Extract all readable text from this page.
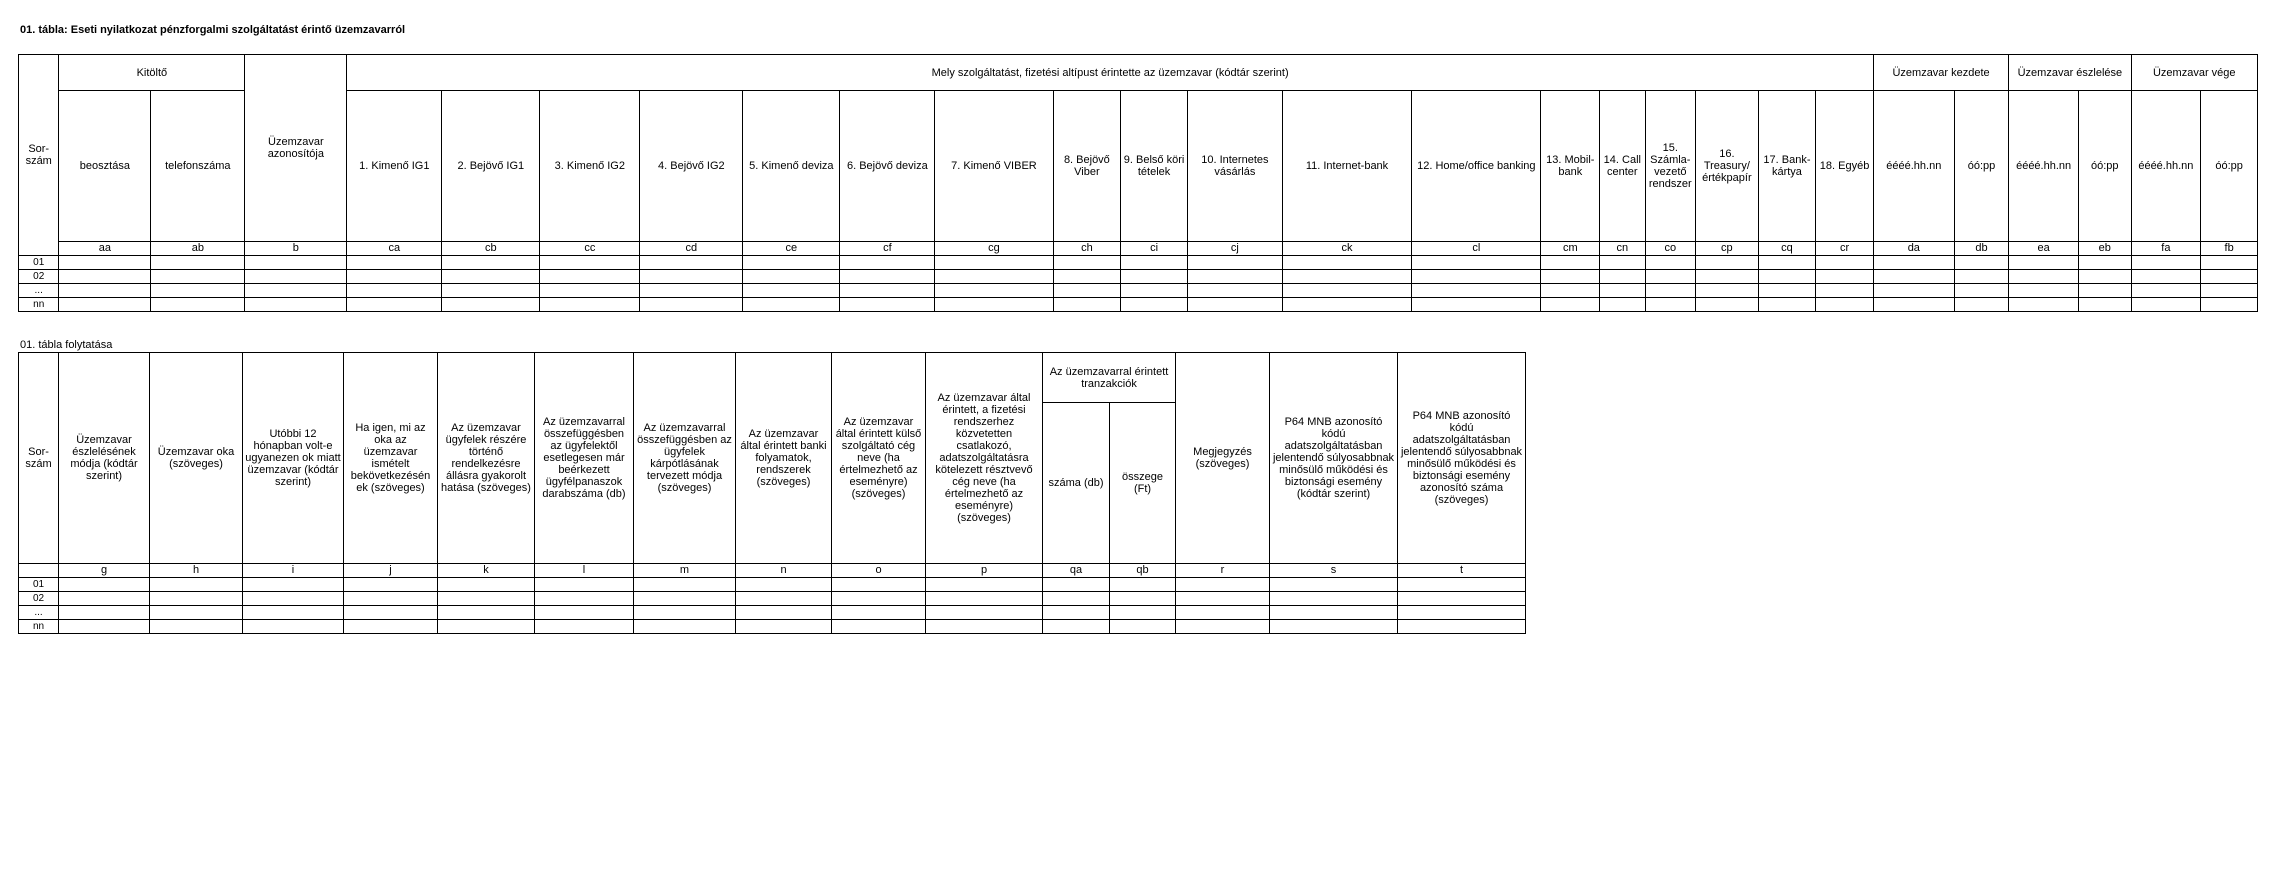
01. tábla: Eseti nyilatkozat pénzforgalmi szolgáltatást érintő üzemzavarról
Sor-
szám	Kitöltő		Üzemzavar azonosítója	Mely szolgáltatást, fizetési altípust érintette az üzemzavar (kódtár szerint)																		Üzemzavar kezdete		Üzemzavar észlelése		Üzemzavar vége	
	beosztása	telefonszáma		1. Kimenő IG1	2. Bejövő IG1	3. Kimenő IG2	4. Bejövő IG2	5. Kimenő deviza	6. Bejövő deviza	7. Kimenő VIBER	8. Bejövő Viber	9. Belső köri tételek	10. Internetes vásárlás	11. Internet-bank	12. Home/office banking	13. Mobil-bank	14. Call center	15. Számla-vezető rendszer	16. Treasury/ értékpapír	17. Bank-kártya	18. Egyéb	éééé.hh.nn	óó:pp	éééé.hh.nn	óó:pp	éééé.hh.nn	óó:pp
	aa	ab	b	ca	cb	cc	cd	ce	cf	cg	ch	ci	cj	ck	cl	cm	cn	co	cp	cq	cr	da	db	ea	eb	fa	fb
01																											
02																											
...																											
nn																											
01. tábla folytatása
Sor-
szám	Üzemzavar észlelésének módja (kódtár szerint)	Üzemzavar oka (szöveges)	Utóbbi 12 hónapban volt-e ugyanezen ok miatt üzemzavar (kódtár szerint)	Ha igen, mi az oka az üzemzavar ismételt bekövetkezésén ek (szöveges)	Az üzemzavar ügyfelek részére történő rendelkezésre állásra gyakorolt hatása (szöveges)	Az üzemzavarral összefüggésben az ügyfelektől esetlegesen már beérkezett ügyfélpanaszok darabszáma (db)	Az üzemzavarral összefüggésben az ügyfelek kárpótlásának tervezett módja (szöveges)	Az üzemzavar által érintett banki folyamatok, rendszerek (szöveges)	Az üzemzavar által érintett külső szolgáltató cég neve (ha értelmezhető az eseményre) (szöveges)	Az üzemzavar által érintett, a fizetési rendszerhez közvetetten csatlakozó, adatszolgáltatásra kötelezett résztvevő cég neve (ha értelmezhető az eseményre) (szöveges)	Az üzemzavarral érintett tranzakciók		Megjegyzés (szöveges)	P64 MNB azonosító kódú adatszolgáltatásban jelentendő súlyosabbnak minősülő működési és biztonsági esemény (kódtár szerint)	P64 MNB azonosító kódú adatszolgáltatásban jelentendő súlyosabbnak minősülő működési és biztonsági esemény azonosító száma (szöveges)
											száma (db)	összege (Ft)			
	g	h	i	j	k	l	m	n	o	p	qa	qb	r	s	t
01															
02															
...															
nn															
